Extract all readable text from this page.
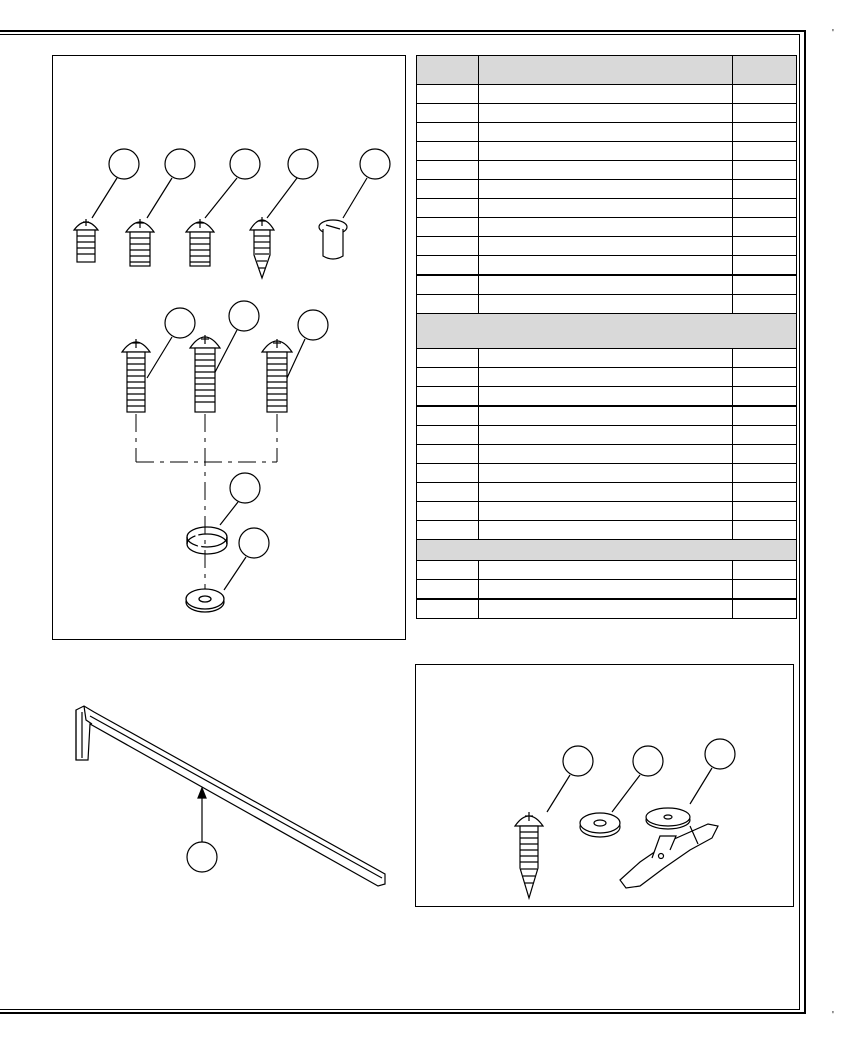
'
'
